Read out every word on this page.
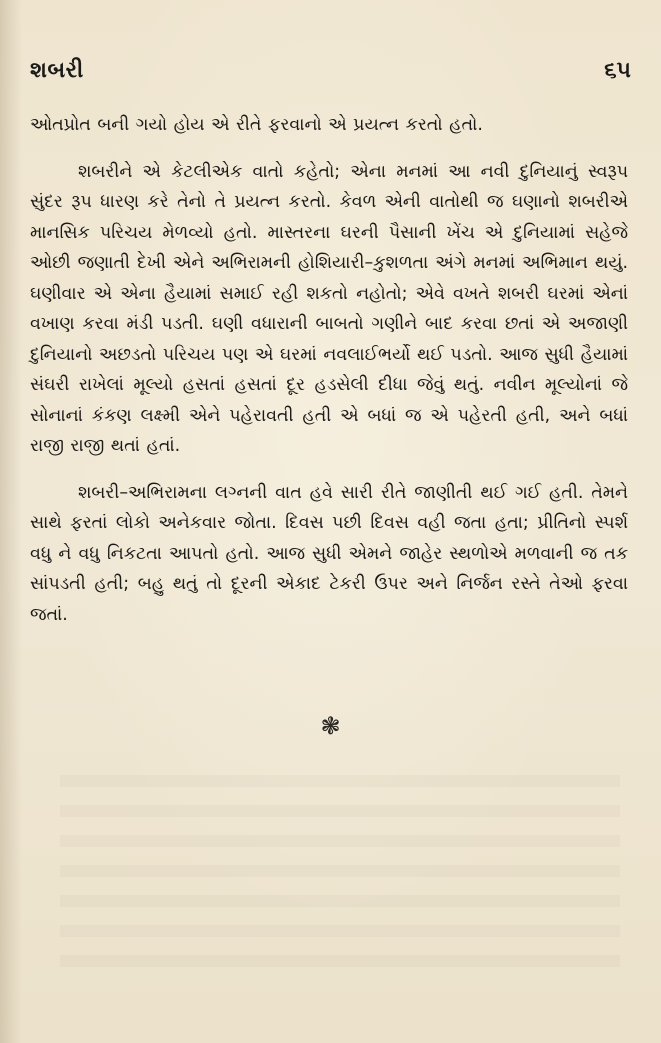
શબરી	૬૫

ઓતપ્રોત બની ગયો હોય એ રીતે ફરવાનો એ પ્રયત્ન કરતો હતો.

શબરીને એ કેટલીએક વાતો કહેતો; એના મનમાં આ નવી દુનિયાનું સ્વરૂપ સુંદર રૂપ ધારણ કરે તેનો તે પ્રયત્ન કરતો. કેવળ એની વાતોથી જ ઘણાનો શબરીએ માનસિક પરિચય મેળવ્યો હતો. માસ્તરના ઘરની પૈસાની ખેંચ એ દુનિયામાં સહેજે ઓછી જણાતી દેખી એને અભિરામની હોશિયારી–કુશળતા અંગે મનમાં અભિમાન થયું. ઘણીવાર એ એના હૈયામાં સમાઈ રહી શકતો નહોતો; એવે વખતે શબરી ઘરમાં એનાં વખાણ કરવા મંડી પડતી. ઘણી વધારાની બાબતો ગણીને બાદ કરવા છતાં એ અજાણી દુનિયાનો અછડતો પરિચય પણ એ ઘરમાં નવલાઈભર્યો થઈ પડતો. આજ સુધી હૈયામાં સંઘરી રાખેલાં મૂલ્યો હસતાં હસતાં દૂર હડસેલી દીધા જેવું થતું. નવીન મૂલ્યોનાં જે સોનાનાં કંકણ લક્ષ્મી એને પહેરાવતી હતી એ બધાં જ એ પહેરતી હતી, અને બધાં રાજી રાજી થતાં હતાં.

શબરી–અભિરામના લગ્નની વાત હવે સારી રીતે જાણીતી થઈ ગઈ હતી. તેમને સાથે ફરતાં લોકો અનેકવાર જોતા. દિવસ પછી દિવસ વહી જતા હતા; પ્રીતિનો સ્પર્શ વધુ ને વધુ નિકટતા આપતો હતો. આજ સુધી એમને જાહેર સ્થળોએ મળવાની જ તક સાંપડતી હતી; બહુ થતું તો દૂરની એકાદ ટેકરી ઉપર અને નિર્જન રસ્તે તેઓ ફરવા જતાં.

❃
